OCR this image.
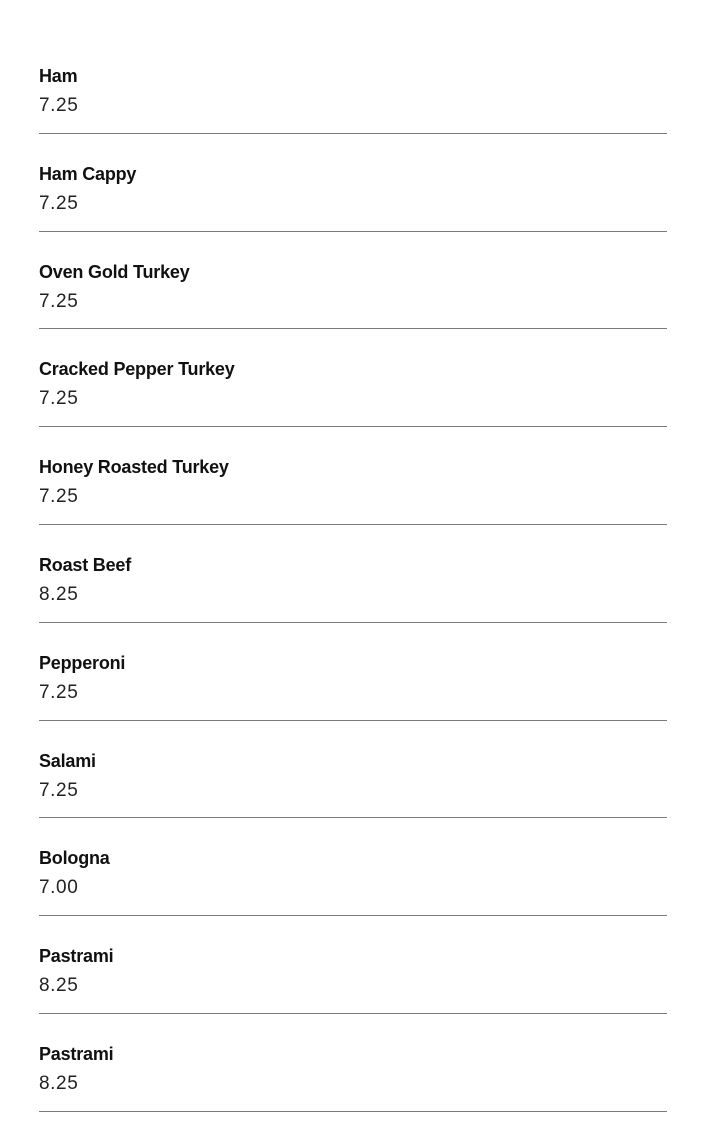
Ham
7.25
Ham Cappy
7.25
Oven Gold Turkey
7.25
Cracked Pepper Turkey
7.25
Honey Roasted Turkey
7.25
Roast Beef
8.25
Pepperoni
7.25
Salami
7.25
Bologna
7.00
Pastrami
8.25
Pastrami
8.25
